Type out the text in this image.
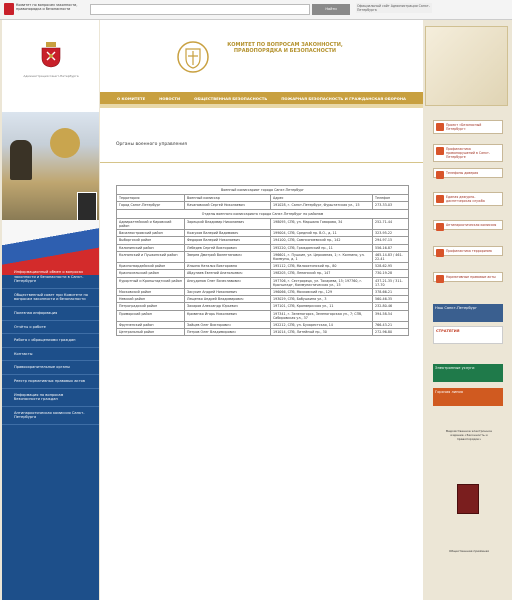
Комитет по вопросам законности, правопорядка и безопасности	Найти
Официальный сайт Администрации Санкт-Петербурга
Администрация Санкт-Петербурга
Информационный обмен о вопросах законности и безопасности в Санкт-Петербурге
Общественный совет при Комитете по вопросам законности и безопасности
Полезная информация
Отчёты о работе
Работа с обращениями граждан
Контакты
Правоохранительные органы
Реестр нормативных правовых актов
Информация по вопросам безопасности граждан
Антинаркотическая комиссия Санкт-Петербурга
КОМИТЕТ ПО ВОПРОСАМ ЗАКОННОСТИ, ПРАВОПОРЯДКА И БЕЗОПАСНОСТИ
О КОМИТЕТЕ	НОВОСТИ	ОБЩЕСТВЕННАЯ БЕЗОПАСНОСТЬ	ПОЖАРНАЯ БЕЗОПАСНОСТЬ И ГРАЖДАНСКАЯ ОБОРОНА
Органы военного управления
Военный комиссариат города Санкт-Петербург			
Территория	Военный комиссар	Адрес	Телефон
Город Санкт-Петербург	Качановский Сергей Николаевич	191028, г. Санкт-Петербург, Фурштатская ул., 15	273-33-03
Отделы военного комиссариата города Санкт-Петербург по районам			
Адмиралтейский и Кировский район	Зарецкий Владимир Николаевич	198095, СПб, ул. Маршала Говорова, 34	252-71-44
Василеостровский район	Кожухов Валерий Вадимович	199004, СПб, Средний пр. В.О., д. 11	323-95-22
Выборгский район	Федоров Валерий Николаевич	194100, СПб, Сампсониевский пр., 142	294-97-15
Калининский район	Лебедев Сергей Викторович	195220, СПб, Гражданский пр., 11	556-16-87
Колпинский и Пушкинский район	Зверев Дмитрий Валентинович	196601, г. Пушкин, ул. Церковная, 1; г. Колпино, ул. Коммуны, д. 1	465-14-83 / 461-22-41
Красногвардейский район	Ильина Наталья Викторовна	195112, СПб, Малоохтинский пр., 80	528-62-95
Красносельский район	Абдулаев Евгений Анатольевич	198205, СПб, Ленинский пр., 147	730-19-28
Курортный и Кронштадтский район	Анкудинов Олег Вячеславович	197706, г. Сестрорецк, ул. Токарева, 15; 197760, г. Кронштадт, Коммунистическая ул., 15	437-21-35 / 311-17-70
Московский район	Засухин Андрей Николаевич	196066, СПб, Московский пр., 129	378-66-21
Невский район	Лещенко Андрей Владимирович	193029, СПб, Бабушкина ул., 3	560-46-35
Петроградский район	Захаров Александр Юрьевич	197101, СПб, Кронверкская ул., 11	232-80-46
Приморский район	Кривенко Игорь Николаевич	197341, г. Зеленогорск, Зеленогорская ул., 7; СПб, Сабировская ул., 37	394-58-54
Фрунзенский район	Зайцев Олег Викторович	192212, СПб, ул. Бухарестская, 14	766-43-21
Центральный район	Петров Олег Владимирович	191014, СПб, Литейный пр., 30	272-96-80
Проект «Безопасный Петербург»
Профилактика правонарушений в Санкт-Петербурге
Телефоны доверия
Единая дежурно-диспетчерская служба
Антинаркотическая комиссия
Профилактика терроризма
Нормативные правовые акты
Наш Санкт-Петербург
СТРАТЕГИЯ
Электронные услуги
Горячая линия
Ведомственное электронное издание «Законность и правопорядок»
Общественная приёмная
